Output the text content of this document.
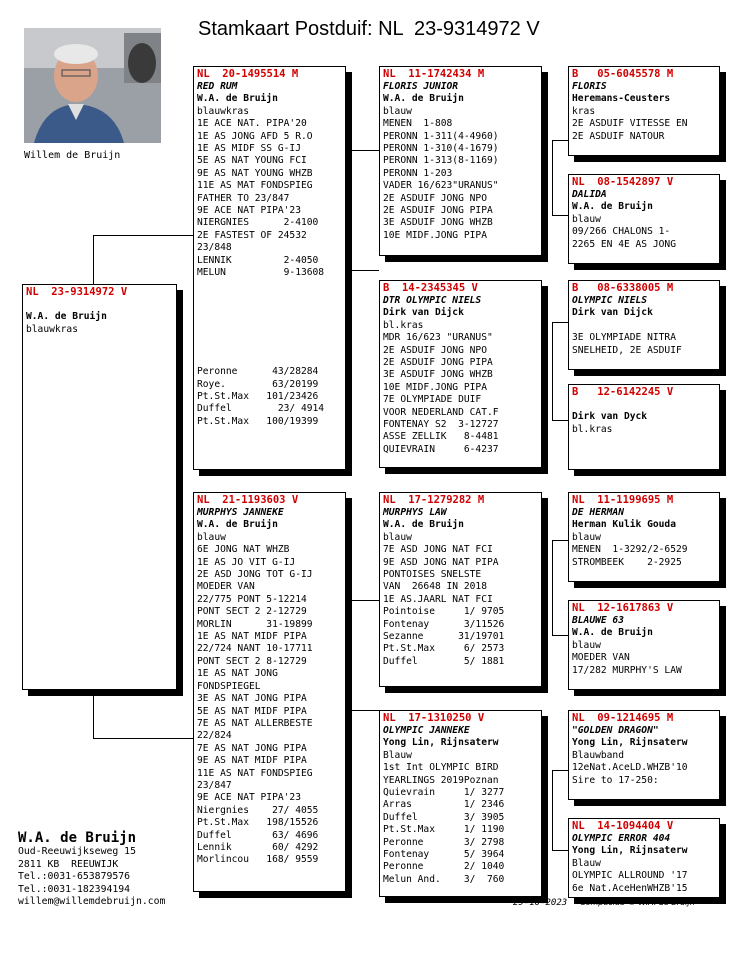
Stamkaart Postduif: NL  23-9314972 V
Willem de Bruijn
NL  23-9314972 V
W.A. de Bruijn
blauwkras
NL  20-1495514 M
RED RUM
W.A. de Bruijn
blauwkras
1E ACE NAT. PIPA'20
1E AS JONG AFD 5 R.O
1E AS MIDF SS G-IJ
5E AS NAT YOUNG FCI
9E AS NAT YOUNG WHZB
11E AS MAT FONDSPIEG
FATHER TO 23/847
9E ACE NAT PIPA'23
NIERGNIES      2-4100
2E FASTEST OF 24532
23/848
LENNIK         2-4050
MELUN          9-13608
Peronne      43/28284
Roye.        63/20199
Pt.St.Max   101/23426
Duffel        23/ 4914
Pt.St.Max   100/19399
NL  21-1193603 V
MURPHYS JANNEKE
W.A. de Bruijn
blauw
6E JONG NAT WHZB
1E AS JO VIT G-IJ
2E ASD JONG TOT G-IJ
MOEDER VAN
22/775 PONT 5-12214
PONT SECT 2 2-12729
MORLIN      31-19899
1E AS NAT MIDF PIPA
22/724 NANT 10-17711
PONT SECT 2 8-12729
1E AS NAT JONG
FONDSPIEGEL
3E AS NAT JONG PIPA
5E AS NAT MIDF PIPA
7E AS NAT ALLERBESTE
22/824
7E AS NAT JONG PIPA
9E AS NAT MIDF PIPA
11E AS NAT FONDSPIEG
23/847
9E ACE NAT PIPA'23
Niergnies    27/ 4055
Pt.St.Max   198/15526
Duffel       63/ 4696
Lennik       60/ 4292
Morlincou   168/ 9559
NL  11-1742434 M
FLORIS JUNIOR
W.A. de Bruijn
blauw
MENEN  1-808
PERONN 1-311(4-4960)
PERONN 1-310(4-1679)
PERONN 1-313(8-1169)
PERONN 1-203
VADER 16/623"URANUS"
2E ASDUIF JONG NPO
2E ASDUIF JONG PIPA
3E ASDUIF JONG WHZB
10E MIDF.JONG PIPA
B  14-2345345 V
DTR OLYMPIC NIELS
Dirk van Dijck
bl.kras
MDR 16/623 "URANUS"
2E ASDUIF JONG NPO
2E ASDUIF JONG PIPA
3E ASDUIF JONG WHZB
10E MIDF.JONG PIPA
7E OLYMPIADE DUIF
VOOR NEDERLAND CAT.F
FONTENAY S2  3-12727
ASSE ZELLIK   8-4481
QUIEVRAIN     6-4237
NL  17-1279282 M
MURPHYS LAW
W.A. de Bruijn
blauw
7E ASD JONG NAT FCI
9E ASD JONG NAT PIPA
PONTOISES SNELSTE
VAN  26648 IN 2018
1E AS.JAARL NAT FCI
Pointoise     1/ 9705
Fontenay      3/11526
Sezanne      31/19701
Pt.St.Max     6/ 2573
Duffel        5/ 1881
NL  17-1310250 V
OLYMPIC JANNEKE
Yong Lin, Rijnsaterw
Blauw
1st Int OLYMPIC BIRD
YEARLINGS 2019Poznan
Quievrain     1/ 3277
Arras         1/ 2346
Duffel        3/ 3905
Pt.St.Max     1/ 1190
Peronne       3/ 2798
Fontenay      5/ 3964
Peronne       2/ 1040
Melun And.    3/  760
B   05-6045578 M
FLORIS
Heremans-Ceusters
kras
2E ASDUIF VITESSE EN
2E ASDUIF NATOUR
NL  08-1542897 V
DALIDA
W.A. de Bruijn
blauw
09/266 CHALONS 1-
2265 EN 4E AS JONG
B   08-6338005 M
OLYMPIC NIELS
Dirk van Dijck
3E OLYMPIADE NITRA
SNELHEID, 2E ASDUIF
B   12-6142245 V
Dirk van Dyck
bl.kras
NL  11-1199695 M
DE HERMAN
Herman Kulik Gouda
blauw
MENEN  1-3292/2-6529
STROMBEEK    2-2925
NL  12-1617863 V
BLAUWE 63
W.A. de Bruijn
blauw
MOEDER VAN
17/282 MURPHY'S LAW
NL  09-1214695 M
"GOLDEN DRAGON"
Yong Lin, Rijnsaterw
Blauwband
12eNat.AceLD.WHZB'10
Sire to 17-250:
NL  14-1094404 V
OLYMPIC ERROR 404
Yong Lin, Rijnsaterw
Blauw
OLYMPIC ALLROUND '17
6e Nat.AceHenWHZB'15
W.A. de Bruijn
Oud-Reeuwijkseweg 15
2811 KB  REEUWIJK
Tel.:0031-653879576
Tel.:0031-182394194
willem@willemdebruijn.com	29-10-2023 Compuclub © W.A. de Bruijn
